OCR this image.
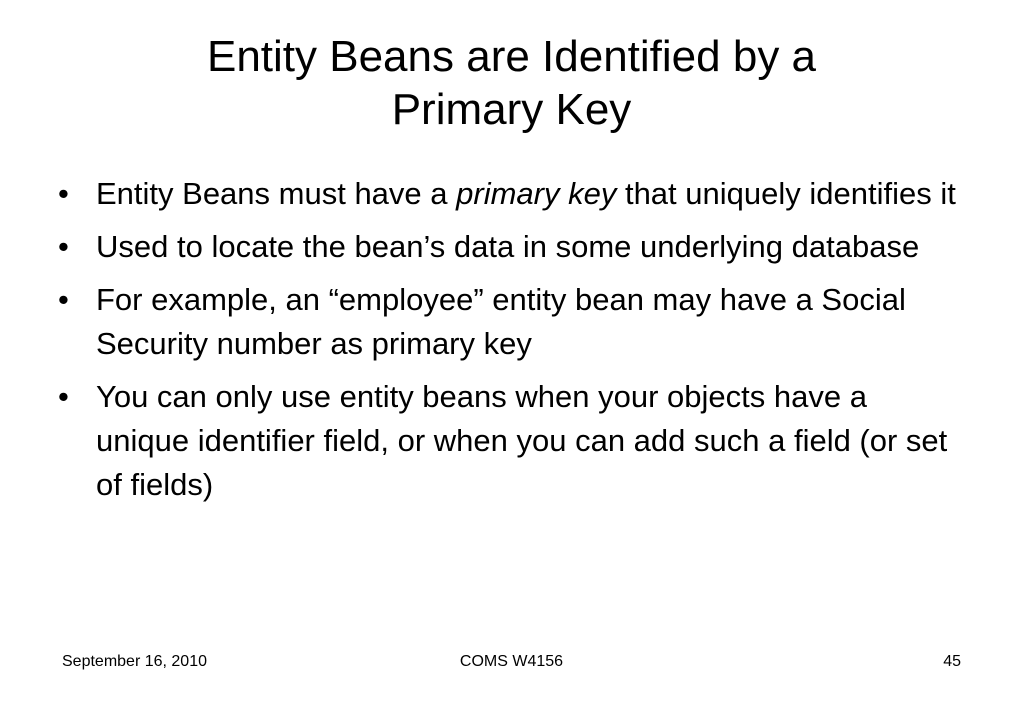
Entity Beans are Identified by a
Primary Key
• Entity Beans must have a primary key that uniquely identifies it
• Used to locate the bean’s data in some underlying database
• For example, an “employee” entity bean may have a Social Security number as primary key
• You can only use entity beans when your objects have a unique identifier field, or when you can add such a field (or set of fields)
September 16, 2010	COMS W4156	45
